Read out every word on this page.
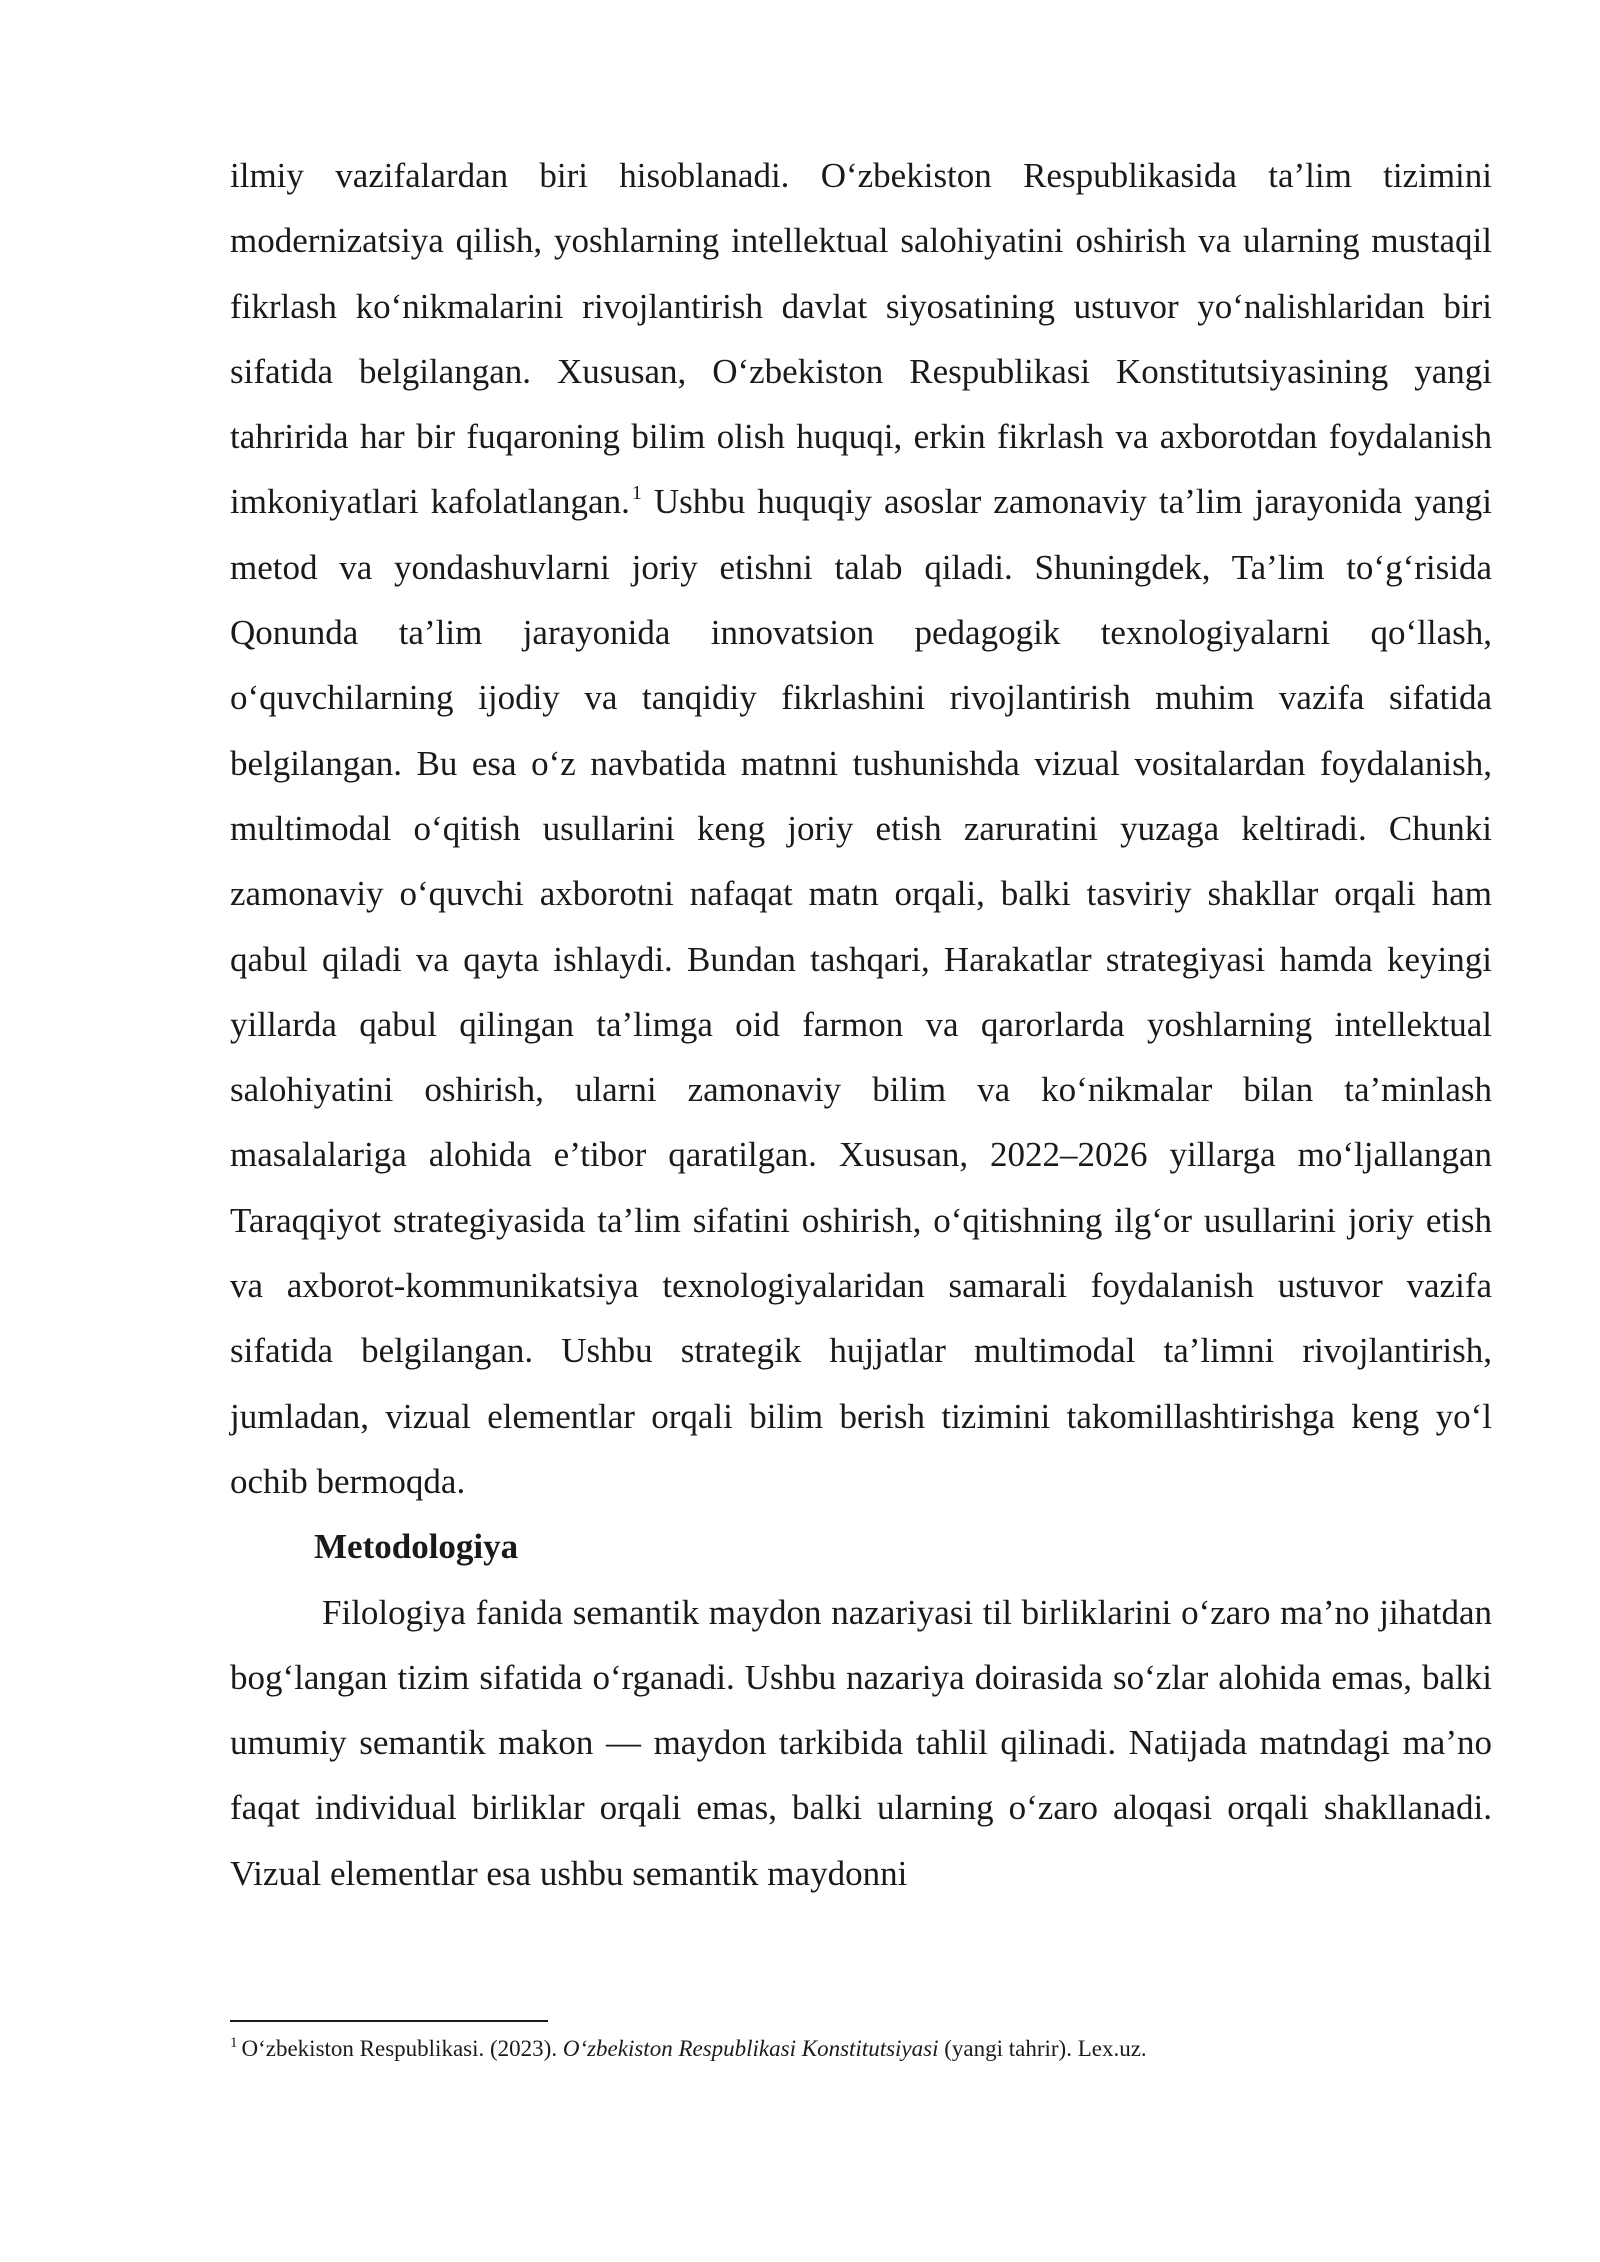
ilmiy vazifalardan biri hisoblanadi. O‘zbekiston Respublikasida ta’lim tizimini modernizatsiya qilish, yoshlarning intellektual salohiyatini oshirish va ularning mustaqil fikrlash ko‘nikmalarini rivojlantirish davlat siyosatining ustuvor yo‘nalishlaridan biri sifatida belgilangan. Xususan, O‘zbekiston Respublikasi Konstitutsiyasining yangi tahririda har bir fuqaroning bilim olish huquqi, erkin fikrlash va axborotdan foydalanish imkoniyatlari kafolatlangan. $^1$ Ushbu huquqiy asoslar zamonaviy ta’lim jarayonida yangi metod va yondashuvlarni joriy etishni talab qiladi. Shuningdek, Ta’lim to‘g‘risida Qonunda ta’lim jarayonida innovatsion pedagogik texnologiyalarni qo‘llash, o‘quvchilarning ijodiy va tanqidiy fikrlashini rivojlantirish muhim vazifa sifatida belgilangan. Bu esa o‘z navbatida matnni tushunishda vizual vositalardan foydalanish, multimodal o‘qitish usullarini keng joriy etish zaruratini yuzaga keltiradi. Chunki zamonaviy o‘quvchi axborotni nafaqat matn orqali, balki tasviriy shakllar orqali ham qabul qiladi va qayta ishlaydi. Bundan tashqari, Harakatlar strategiyasi hamda keyingi yillarda qabul qilingan ta’limga oid farmon va qarorlarda yoshlarning intellektual salohiyatini oshirish, ularni zamonaviy bilim va ko‘nikmalar bilan ta’minlash masalalariga alohida e’tibor qaratilgan. Xususan, 2022–2026 yillarga mo‘ljallangan Taraqqiyot strategiyasida ta’lim sifatini oshirish, o‘qitishning ilg‘or usullarini joriy etish va axborot-kommunikatsiya texnologiyalaridan samarali foydalanish ustuvor vazifa sifatida belgilangan. Ushbu strategik hujjatlar multimodal ta’limni rivojlantirish, jumladan, vizual elementlar orqali bilim berish tizimini takomillashtirishga keng yo‘l ochib bermoqda.

Metodologiya

Filologiya fanida semantik maydon nazariyasi til birliklarini o‘zaro ma’no jihatdan bog‘langan tizim sifatida o‘rganadi. Ushbu nazariya doirasida so‘zlar alohida emas, balki umumiy semantik makon — maydon tarkibida tahlil qilinadi. Natijada matndagi ma’no faqat individual birliklar orqali emas, balki ularning o‘zaro aloqasi orqali shakllanadi. Vizual elementlar esa ushbu semantik maydonni

$^1$ O‘zbekiston Respublikasi. (2023). O‘zbekiston Respublikasi Konstitutsiyasi (yangi tahrir). Lex.uz.
